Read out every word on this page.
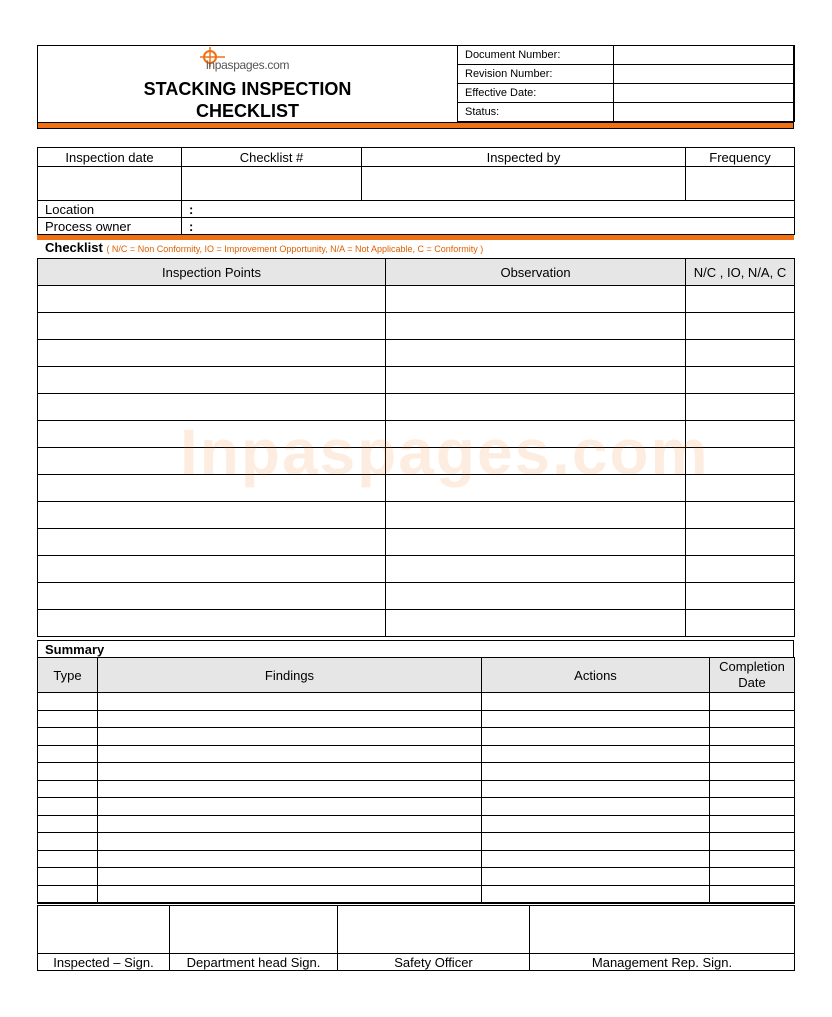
inpaspages.com
STACKING INSPECTION
CHECKLIST
Document Number:	
Revision Number:	
Effective Date:	
Status:	
Inspection date	Checklist #	Inspected by	Frequency

Location	:		
Process owner	:		
Checklist ( N/C = Non Conformity, IO = Improvement Opportunity, N/A = Not Applicable, C = Conformity )
Inspection Points	Observation	N/C , IO, N/A, C

Inpaspages.com
Summary
Type	Findings	Actions	Completion Date

Inspected – Sign.	Department head Sign.	Safety Officer	Management Rep. Sign.
